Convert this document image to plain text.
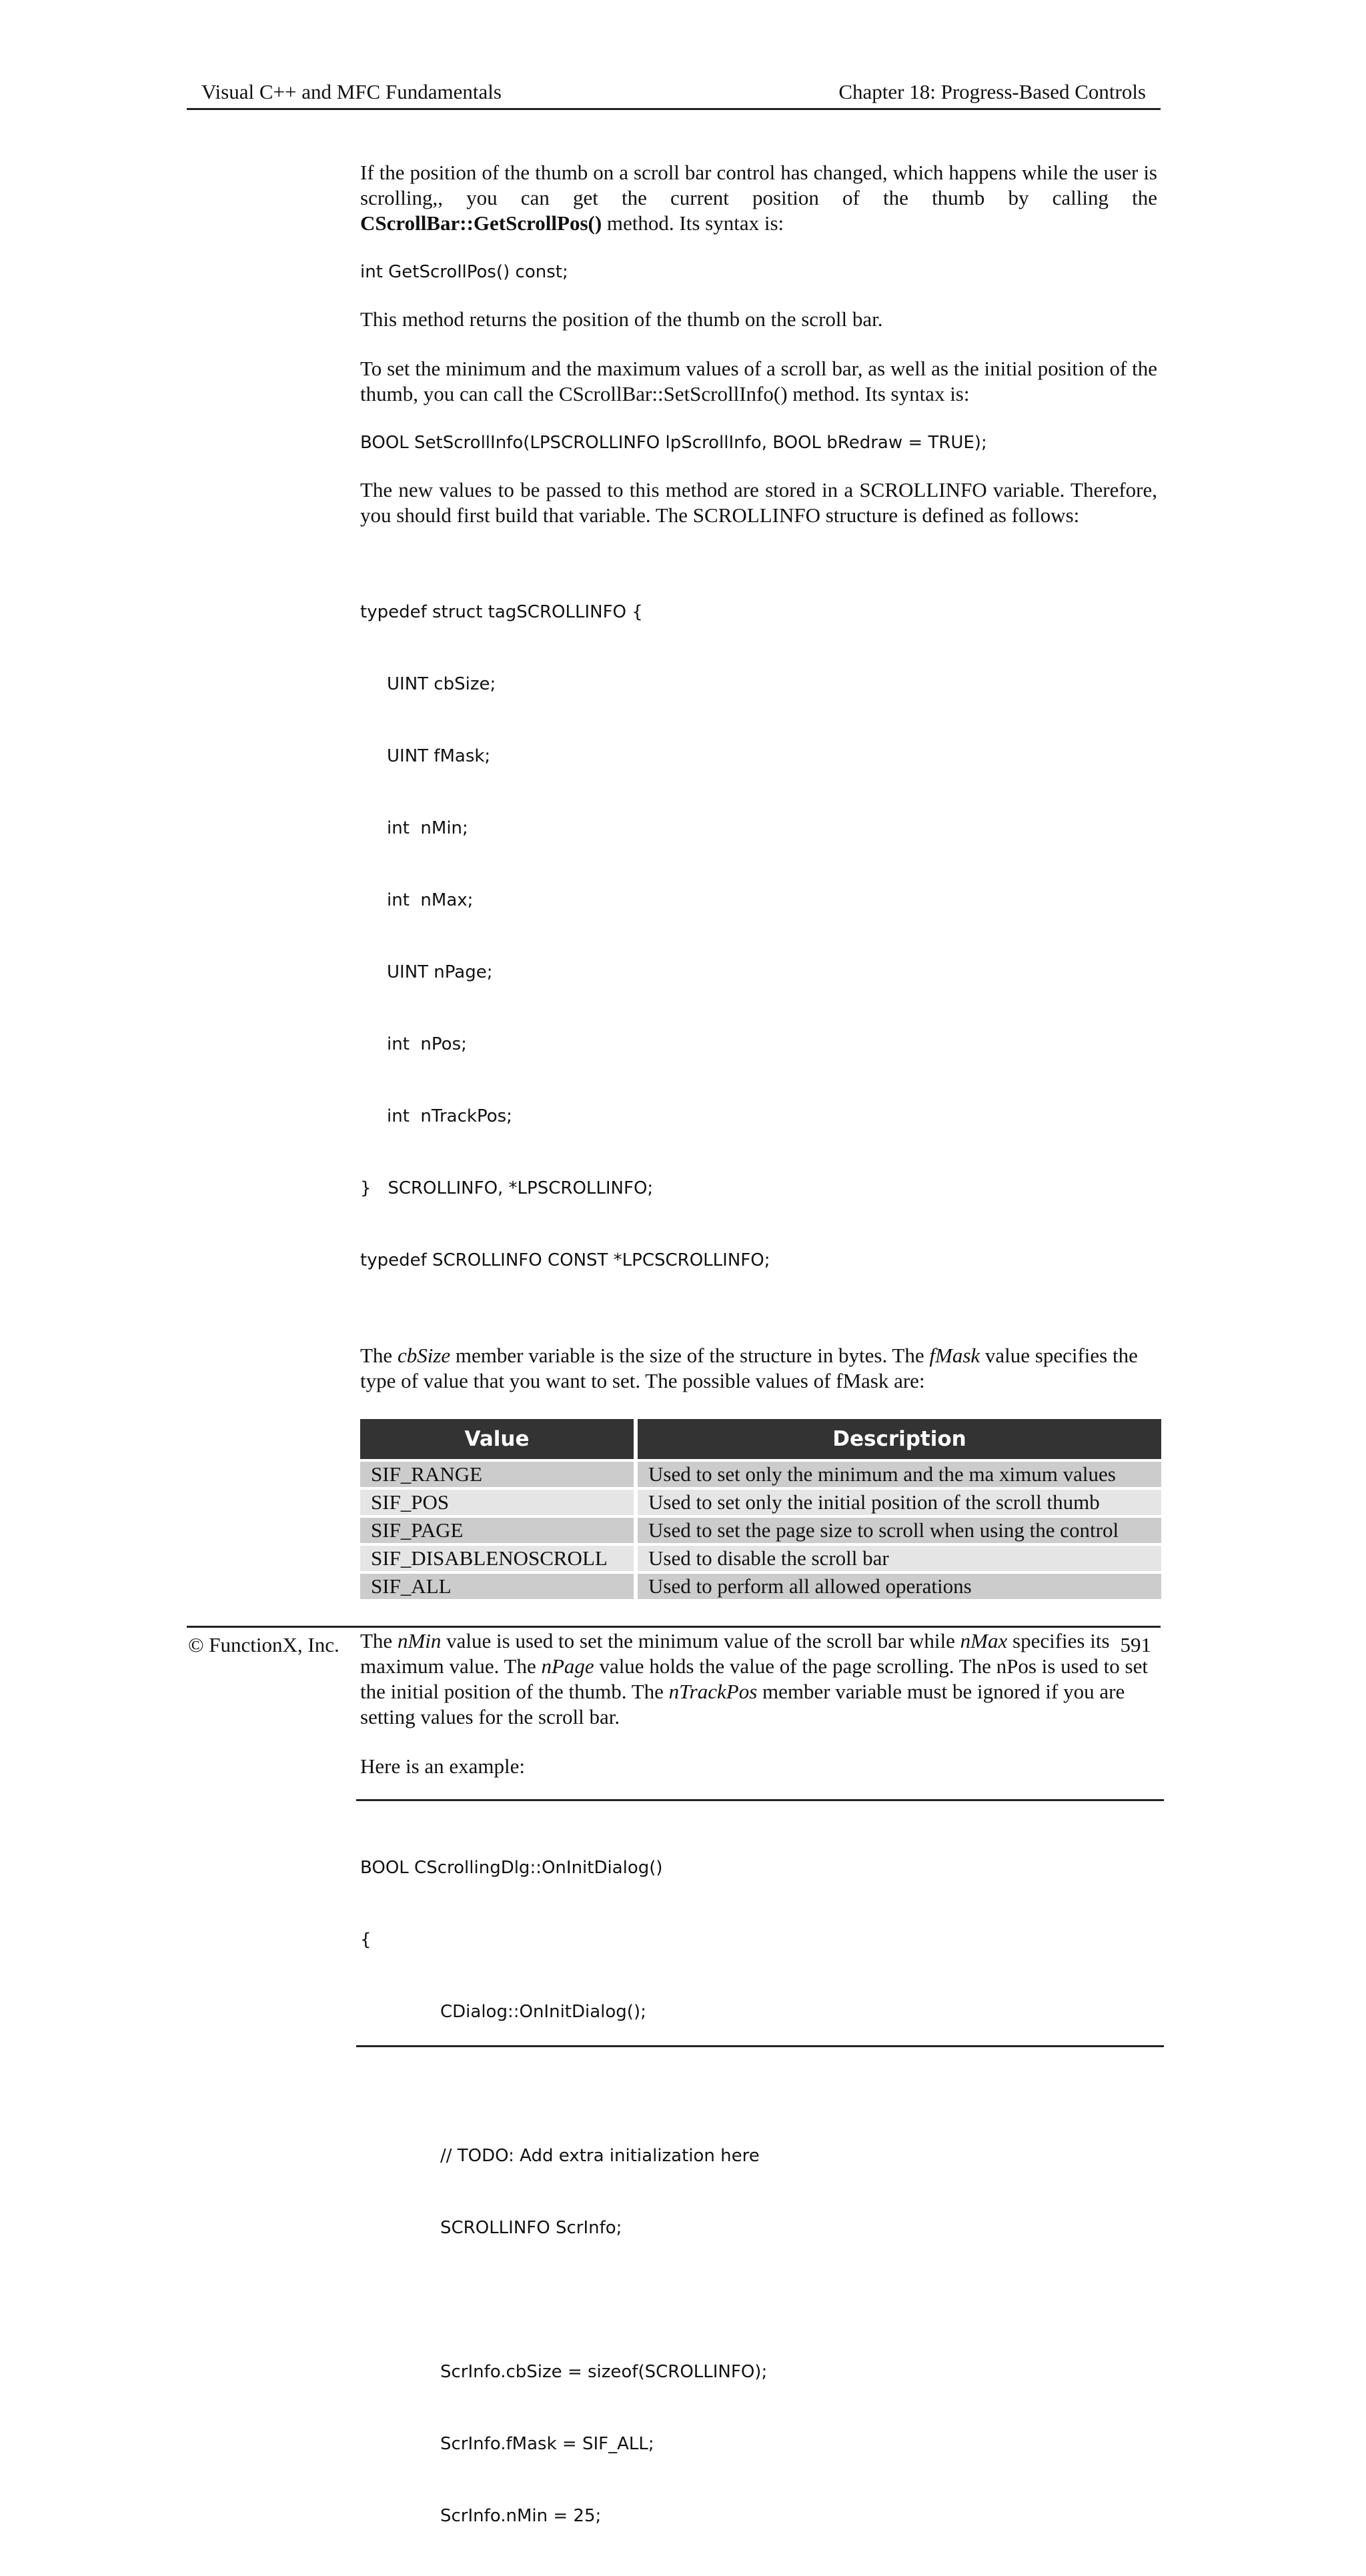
Visual C++ and MFC Fundamentals	Chapter 18: Progress-Based Controls

If the position of the thumb on a scroll bar control has changed, which happens while the user is scrolling,, you can get the current position of the thumb by calling the CScrollBar::GetScrollPos() method. Its syntax is:

int GetScrollPos() const;

This method returns the position of the thumb on the scroll bar.

To set the minimum and the maximum values of a scroll bar, as well as the initial position of the thumb, you can call the CScrollBar::SetScrollInfo() method. Its syntax is:

BOOL SetScrollInfo(LPSCROLLINFO lpScrollInfo, BOOL bRedraw = TRUE);

The new values to be passed to this method are stored in a SCROLLINFO variable. Therefore, you should first build that variable. The SCROLLINFO structure is defined as follows:

typedef struct tagSCROLLINFO {

UINT cbSize;

UINT fMask;

int  nMin;

int  nMax;

UINT nPage;

int  nPos;

int  nTrackPos;

}   SCROLLINFO, *LPSCROLLINFO;

typedef SCROLLINFO CONST *LPCSCROLLINFO;

The cbSize member variable is the size of the structure in bytes. The fMask value specifies the type of value that you want to set. The possible values of fMask are:

Value	Description
SIF_RANGE	Used to set only the minimum and the ma ximum values
SIF_POS	Used to set only the initial position of the scroll thumb
SIF_PAGE	Used to set the page size to scroll when using the control
SIF_DISABLENOSCROLL	Used to disable the scroll bar
SIF_ALL	Used to perform all allowed operations

The nMin value is used to set the minimum value of the scroll bar while nMax specifies its maximum value. The nPage value holds the value of the page scrolling. The nPos is used to set the initial position of the thumb. The nTrackPos member variable must be ignored if you are setting values for the scroll bar.

Here is an example:

BOOL CScrollingDlg::OnInitDialog()

{

CDialog::OnInitDialog();

// TODO: Add extra initialization here

SCROLLINFO ScrInfo;

ScrInfo.cbSize = sizeof(SCROLLINFO);

ScrInfo.fMask = SIF_ALL;

ScrInfo.nMin = 25;

© FunctionX, Inc.	591
